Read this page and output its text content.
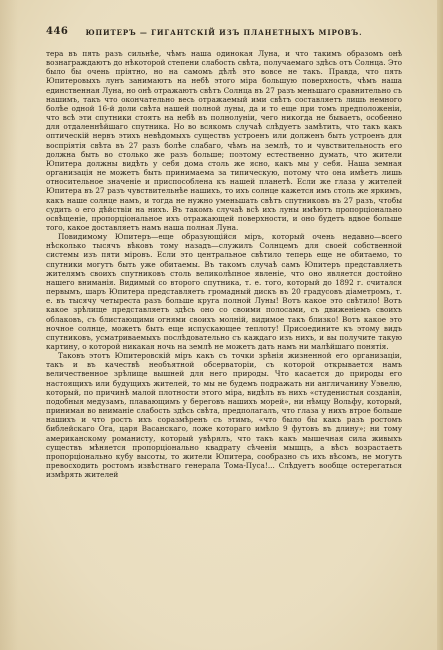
446	ЮПИТЕРЪ — ГИГАНТСКІЙ ИЗЪ ПЛАНЕТНЫХЪ МІРОВЪ.

тера въ пять разъ сильнѣе, чѣмъ наша одинокая Луна, и что такимъ образомъ онѣ вознаграждаютъ до нѣкоторой степени слабость свѣта, получаемаго здѣсь отъ Солнца. Это было бы очень пріятно, но на самомъ дѣлѣ это вовсе не такъ. Правда, что пять Юпитеровыхъ лунъ занимаютъ на небѣ этого міра большую поверхность, чѣмъ наша единственная Луна, но онѣ отражаютъ свѣтъ Солнца въ 27 разъ меньшаго сравнительно съ нашимъ, такъ что окончательно весь отражаемый ими свѣтъ составляетъ лишь немного болѣе одной 16-й доли свѣта нашей полной луны, да и то еще при томъ предположеніи, что всѣ эти спутники стоятъ на небѣ въ полнолуніи, чего никогда не бываетъ, особенно для отдаленнѣйшаго спутника. Но во всякомъ случаѣ слѣдуетъ замѣтить, что такъ какъ оптическій нервъ этихъ невѣдомыхъ существъ устроенъ или долженъ быть устроенъ для воспріятія свѣта въ 27 разъ болѣе слабаго, чѣмъ на землѣ, то и чувствительность его должна быть во столько же разъ больше; поэтому естественно думать, что жители Юпитера должны видѣть у себя дома столь же ясно, какъ мы у себя. Наша земная организація не можетъ быть принимаема за типическую, потому что она имѣетъ лишь относительное значеніе и приспособлена къ нашей планетѣ. Если же глаза у жителей Юпитера въ 27 разъ чувствительнѣе нашихъ, то ихъ солнце кажется имъ столь же яркимъ, какъ наше солнце намъ, и тогда не нужно уменьшать свѣтъ спутниковъ въ 27 разъ, чтобы судить о его дѣйствіи на нихъ. Въ такомъ случаѣ всѣ ихъ луны имѣютъ пропорціонально освѣщеніе, пропорціональное ихъ отражающей поверхности, и оно будетъ вдвое больше того, какое доставляетъ намъ наша полная Луна.

Повидимому Юпитеръ—еще образующійся міръ, который очень недавно—всего нѣсколько тысячъ вѣковъ тому назадъ—служилъ Солнцемъ для своей собственной системы изъ пяти міровъ. Если это центральное свѣтило теперь еще не обитаемо, то спутники могутъ быть уже обитаемы. Въ такомъ случаѣ самъ Юпитеръ представляетъ жителямъ своихъ спутниковъ столь великолѣпное явленіе, что оно является достойно нашего вниманія. Видимый со второго спутника, т. е. того, который до 1892 г. считался первымъ, шаръ Юпитера представляетъ громадный дискъ въ 20 градусовъ діаметромъ, т. е. въ тысячу четыреста разъ больше круга полной Луны! Вотъ какое это свѣтило! Вотъ какое зрѣлище представляетъ здѣсь оно со своими полосами, съ движеніемъ своихъ облаковъ, съ блистающими огнями своихъ молній, видимое такъ близко! Вотъ какое это ночное солнце, можетъ быть еще испускающее теплоту! Присоедините къ этому видъ спутниковъ, усматриваемыхъ послѣдовательно съ каждаго изъ нихъ, и вы получите такую картину, о которой никакая ночь на землѣ не можетъ дать намъ ни малѣйшаго понятія.

Таковъ этотъ Юпитеровскій міръ какъ съ точки зрѣнія жизненной его организаціи, такъ и въ качествѣ необъятной обсерваторіи, съ которой открывается намъ величественное зрѣлище вышней для него природы. Что касается до природы его настоящихъ или будущихъ жителей, то мы не будемъ подражать ни англичанину Уэвелю, который, по причинѣ малой плотности этого міра, видѣлъ въ нихъ «студенистыя созданія, подобныя медузамъ, плавающимъ у береговъ нашихъ морей», ни нѣмцу Вольфу, который, принимая во вниманіе слабость здѣсь свѣта, предполагалъ, что глаза у нихъ втрое больше нашихъ и что ростъ ихъ соразмѣренъ съ этимъ, «что было бы какъ разъ ростомъ библейскаго Ога, царя Васанскаго, ложе котораго имѣло 9 футовъ въ длину»; ни тому американскому романисту, который увѣрялъ, что такъ какъ мышечная сила живыхъ существъ мѣняется пропорціонально квадрату сѣченія мышцъ, а вѣсъ возрастаетъ пропорціонально кубу высоты, то жители Юпитера, сообразно съ ихъ вѣсомъ, не могутъ превосходить ростомъ извѣстнаго генерала Тома-Пуса!... Слѣдуетъ вообще остерегаться измѣрять жителей
